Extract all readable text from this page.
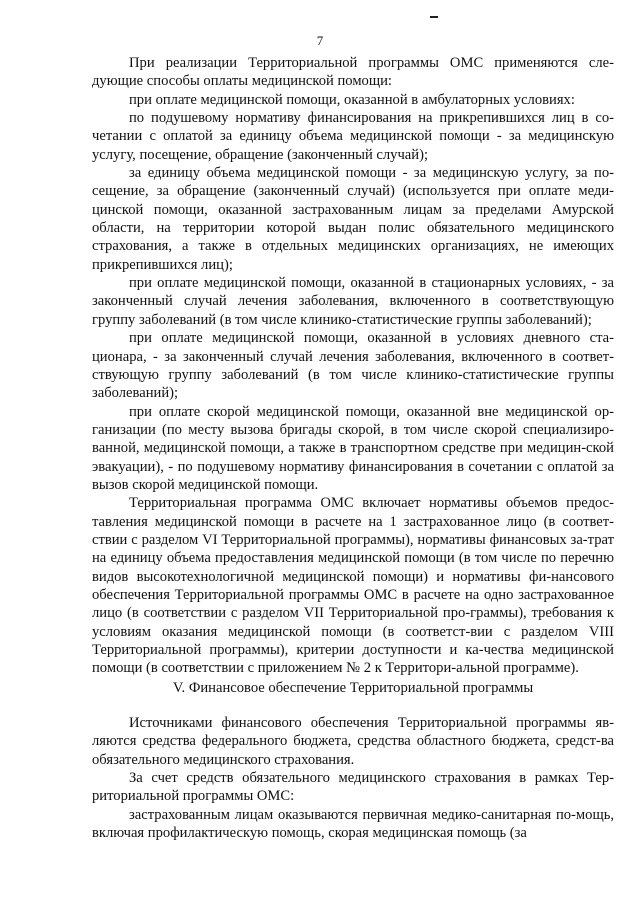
7

При реализации Территориальной программы ОМС применяются сле-дующие способы оплаты медицинской помощи:

при оплате медицинской помощи, оказанной в амбулаторных условиях:

по подушевому нормативу финансирования на прикрепившихся лиц в со-четании с оплатой за единицу объема медицинской помощи - за медицинскую услугу, посещение, обращение (законченный случай);

за единицу объема медицинской помощи - за медицинскую услугу, за по-сещение, за обращение (законченный случай) (используется при оплате меди-цинской помощи, оказанной застрахованным лицам за пределами Амурской области, на территории которой выдан полис обязательного медицинского страхования, а также в отдельных медицинских организациях, не имеющих прикрепившихся лиц);

при оплате медицинской помощи, оказанной в стационарных условиях, - за законченный случай лечения заболевания, включенного в соответствующую группу заболеваний (в том числе клинико-статистические группы заболеваний);

при оплате медицинской помощи, оказанной в условиях дневного ста-ционара, - за законченный случай лечения заболевания, включенного в соответ-ствующую группу заболеваний (в том числе клинико-статистические группы заболеваний);

при оплате скорой медицинской помощи, оказанной вне медицинской ор-ганизации (по месту вызова бригады скорой, в том числе скорой специализиро-ванной, медицинской помощи, а также в транспортном средстве при медицин-ской эвакуации), - по подушевому нормативу финансирования в сочетании с оплатой за вызов скорой медицинской помощи.

Территориальная программа ОМС включает нормативы объемов предос-тавления медицинской помощи в расчете на 1 застрахованное лицо (в соответ-ствии с разделом VI Территориальной программы), нормативы финансовых за-трат на единицу объема предоставления медицинской помощи (в том числе по перечню видов высокотехнологичной медицинской помощи) и нормативы фи-нансового обеспечения Территориальной программы ОМС в расчете на одно застрахованное лицо (в соответствии с разделом VII Территориальной про-граммы), требования к условиям оказания медицинской помощи (в соответст-вии с разделом VIII Территориальной программы), критерии доступности и ка-чества медицинской помощи (в соответствии с приложением № 2 к Территори-альной программе).

V. Финансовое обеспечение Территориальной программы

Источниками финансового обеспечения Территориальной программы яв-ляются средства федерального бюджета, средства областного бюджета, средст-ва обязательного медицинского страхования.

За счет средств обязательного медицинского страхования в рамках Тер-риториальной программы ОМС:

застрахованным лицам оказываются первичная медико-санитарная по-мощь, включая профилактическую помощь, скорая медицинская помощь (за
